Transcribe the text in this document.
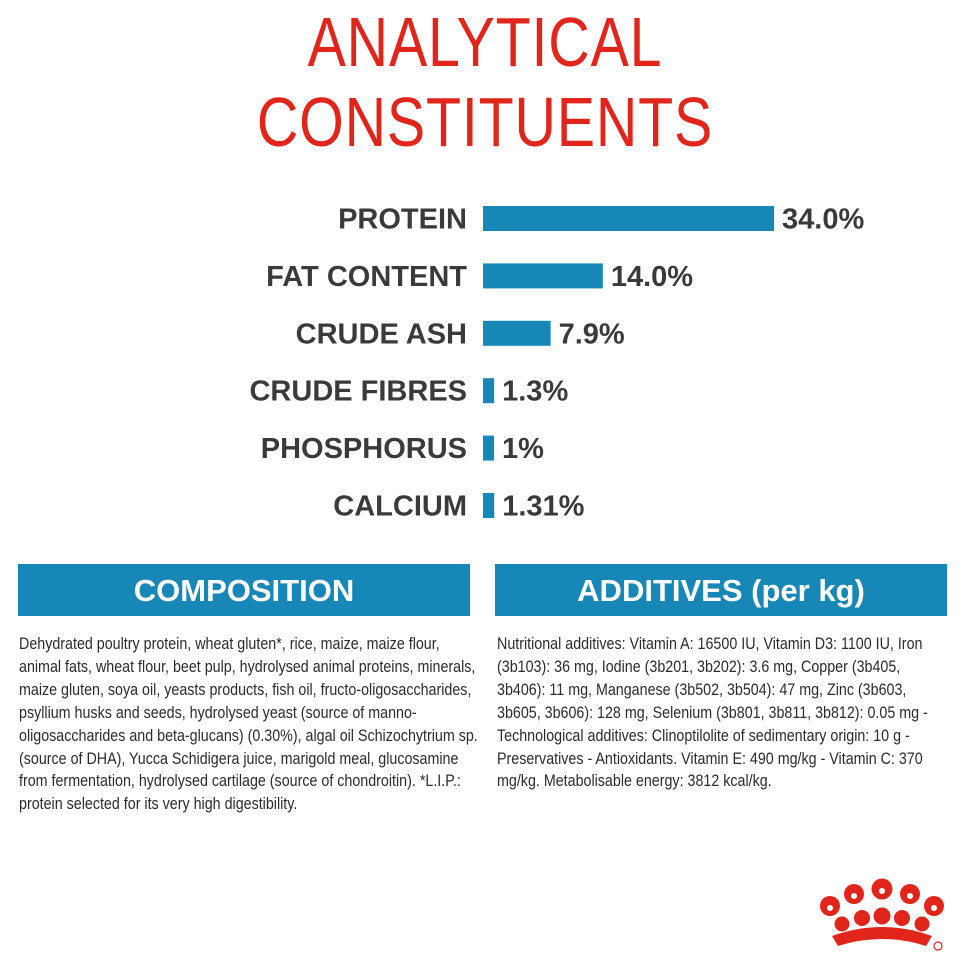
ANALYTICAL
CONSTITUENTS
PROTEIN	34.0%
FAT CONTENT	14.0%
CRUDE ASH	7.9%
CRUDE FIBRES 1.3%
PHOSPHORUS 1%
CALCIUM 1.31%
COMPOSITION	ADDITIVES (per kg)
Dehydrated poultry protein, wheat gluten*, rice, maize, maize flour, animal fats, wheat flour, beet pulp, hydrolysed animal proteins, minerals, maize gluten, soya oil, yeasts products, fish oil, fructo-oligosaccharides, psyllium husks and seeds, hydrolysed yeast (source of manno-oligosaccharides and beta-glucans) (0.30%), algal oil Schizochytrium sp. (source of DHA), Yucca Schidigera juice, marigold meal, glucosamine from fermentation, hydrolysed cartilage (source of chondroitin). *L.I.P.: protein selected for its very high digestibility.
Nutritional additives: Vitamin A: 16500 IU, Vitamin D3: 1100 IU, Iron (3b103): 36 mg, Iodine (3b201, 3b202): 3.6 mg, Copper (3b405, 3b406): 11 mg, Manganese (3b502, 3b504): 47 mg, Zinc (3b603, 3b605, 3b606): 128 mg, Selenium (3b801, 3b811, 3b812): 0.05 mg - Technological additives: Clinoptilolite of sedimentary origin: 10 g - Preservatives - Antioxidants. Vitamin E: 490 mg/kg - Vitamin C: 370 mg/kg. Metabolisable energy: 3812 kcal/kg.
